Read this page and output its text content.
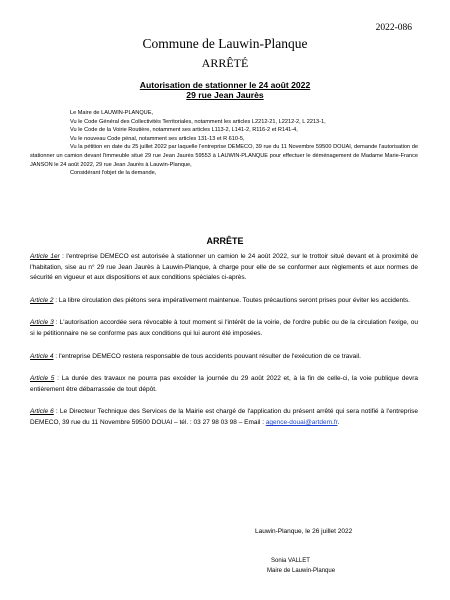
2022-086
Commune de Lauwin-Planque
ARRÊTÉ
Autorisation de stationner le 24 août 2022
29 rue Jean Jaurès
Le Maire de LAUWIN-PLANQUE,
Vu le Code Général des Collectivités Territoriales, notamment les articles L2212-21, L2212-2, L 2213-1,
Vu le Code de la Voirie Routière, notamment ses articles L113-2, L141-2, R116-2 et R141-4,
Vu le nouveau Code pénal, notamment ses articles 131-13 et R 610-5,
Vu la pétition en date du 25 juillet 2022 par laquelle l'entreprise DEMECO, 39 rue du 11 Novembre 59500 DOUAI, demande l'autorisation de stationner un camion devant l'immeuble situé 29 rue Jean Jaurès 59553 à LAUWIN-PLANQUE pour effectuer le déménagement de Madame Marie-France JANSON le 24 août 2022, 29 rue Jean Jaurès à Lauwin-Planque,
Considérant l'objet de la demande,
ARRÊTE
Article 1er : l'entreprise DEMECO est autorisée à stationner un camion le 24 août 2022, sur le trottoir situé devant et à proximité de l'habitation, sise au n° 29 rue Jean Jaurès à Lauwin-Planque, à charge pour elle de se conformer aux règlements et aux normes de sécurité en vigueur et aux dispositions et aux conditions spéciales ci-après.
Article 2 : La libre circulation des piétons sera impérativement maintenue. Toutes précautions seront prises pour éviter les accidents.
Article 3 : L'autorisation accordée sera révocable à tout moment si l'intérêt de la voirie, de l'ordre public ou de la circulation l'exige, ou si le pétitionnaire ne se conforme pas aux conditions qui lui auront été imposées.
Article 4 : l'entreprise DEMECO restera responsable de tous accidents pouvant résulter de l'exécution de ce travail.
Article 5 : La durée des travaux ne pourra pas excéder la journée du 29 août 2022 et, à la fin de celle-ci, la voie publique devra entièrement être débarrassée de tout dépôt.
Article 6 : Le Directeur Technique des Services de la Mairie est chargé de l'application du présent arrêté qui sera notifié à l'entreprise DEMECO, 39 rue du 11 Novembre 59500 DOUAI – tél. : 03 27 98 03 98 – Email : agence-douai@artdem.fr.
Lauwin-Planque, le 26 juillet 2022
Sonia VALLET
Maire de Lauwin-Planque
